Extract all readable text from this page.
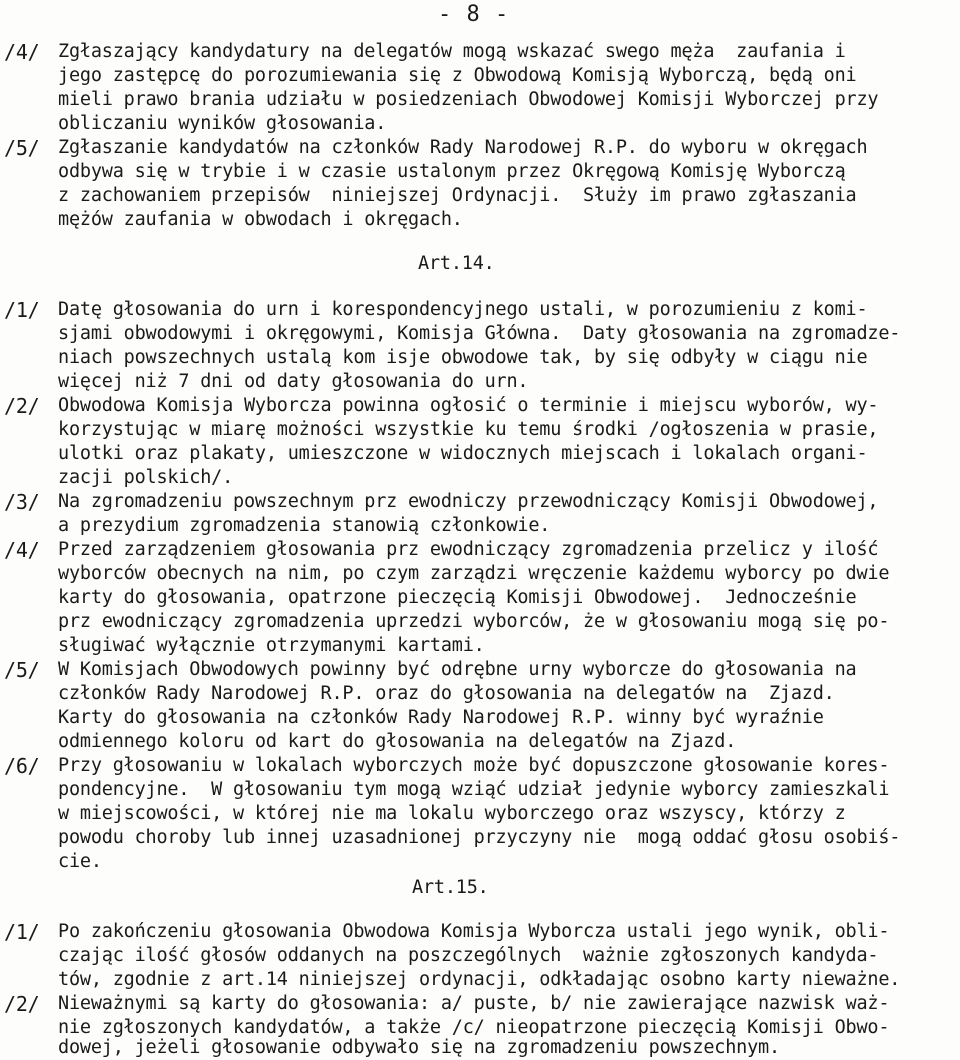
- 8 -
/4/ Zgłaszający kandydatury na delegatów mogą wskazać swego męża  zaufania i
jego zastępcę do porozumiewania się z Obwodową Komisją Wyborczą, będą oni
mieli prawo brania udziału w posiedzeniach Obwodowej Komisji Wyborczej przy
obliczaniu wyników głosowania.
/5/ Zgłaszanie kandydatów na członków Rady Narodowej R.P. do wyboru w okręgach
odbywa się w trybie i w czasie ustalonym przez Okręgową Komisję Wyborczą
z zachowaniem przepisów  niniejszej Ordynacji.  Służy im prawo zgłaszania
mężów zaufania w obwodach i okręgach.
Art.14.
/1/ Datę głosowania do urn i korespondencyjnego ustali, w porozumieniu z komi-
sjami obwodowymi i okręgowymi, Komisja Główna.  Daty głosowania na zgromadze-
niach powszechnych ustalą kom isje obwodowe tak, by się odbyły w ciągu nie
więcej niż 7 dni od daty głosowania do urn.
/2/ Obwodowa Komisja Wyborcza powinna ogłosić o terminie i miejscu wyborów, wy-
korzystując w miarę możności wszystkie ku temu środki /ogłoszenia w prasie,
ulotki oraz plakaty, umieszczone w widocznych miejscach i lokalach organi-
zacji polskich/.
/3/ Na zgromadzeniu powszechnym prz ewodniczy przewodniczący Komisji Obwodowej,
a prezydium zgromadzenia stanowią członkowie.
/4/ Przed zarządzeniem głosowania prz ewodniczący zgromadzenia przelicz y ilość
wyborców obecnych na nim, po czym zarządzi wręczenie każdemu wyborcy po dwie
karty do głosowania, opatrzone pieczęcią Komisji Obwodowej.  Jednocześnie
prz ewodniczący zgromadzenia uprzedzi wyborców, że w głosowaniu mogą się po-
sługiwać wyłącznie otrzymanymi kartami.
/5/ W Komisjach Obwodowych powinny być odrębne urny wyborcze do głosowania na
członków Rady Narodowej R.P. oraz do głosowania na delegatów na  Zjazd.
Karty do głosowania na członków Rady Narodowej R.P. winny być wyraźnie
odmiennego koloru od kart do głosowania na delegatów na Zjazd.
/6/ Przy głosowaniu w lokalach wyborczych może być dopuszczone głosowanie kores-
pondencyjne.  W głosowaniu tym mogą wziąć udział jedynie wyborcy zamieszkali
w miejscowości, w której nie ma lokalu wyborczego oraz wszyscy, którzy z
powodu choroby lub innej uzasadnionej przyczyny nie  mogą oddać głosu osobiś-
cie.
Art.15.
/1/ Po zakończeniu głosowania Obwodowa Komisja Wyborcza ustali jego wynik, obli-
czając ilość głosów oddanych na poszczególnych  ważnie zgłoszonych kandyda-
tów, zgodnie z art.14 niniejszej ordynacji, odkładając osobno karty nieważne.
/2/ Nieważnymi są karty do głosowania: a/ puste, b/ nie zawierające nazwisk waż-
nie zgłoszonych kandydatów, a także /c/ nieopatrzone pieczęcią Komisji Obwo-
dowej, jeżeli głosowanie odbywało się na zgromadzeniu powszechnym.
